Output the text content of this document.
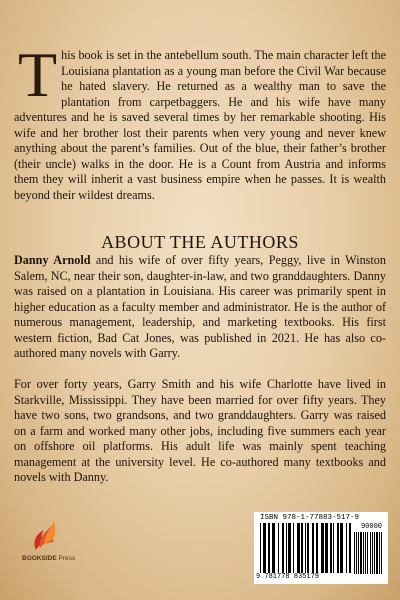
This book is set in the antebellum south. The main character left the Louisiana plantation as a young man before the Civil War because he hated slavery. He returned as a wealthy man to save the plantation from carpetbaggers. He and his wife have many adventures and he is saved several times by her remarkable shooting. His wife and her brother lost their parents when very young and never knew anything about the parent’s families. Out of the blue, their father’s brother (their uncle) walks in the door. He is a Count from Austria and informs them they will inherit a vast business empire when he passes. It is wealth beyond their wildest dreams.
ABOUT THE AUTHORS
Danny Arnold and his wife of over fifty years, Peggy, live in Winston Salem, NC, near their son, daughter-in-law, and two granddaughters. Danny was raised on a plantation in Louisiana. His career was primarily spent in higher education as a faculty member and administrator. He is the author of numerous management, leadership, and marketing textbooks. His first western fiction, Bad Cat Jones, was published in 2021. He has also co-authored many novels with Garry.
For over forty years, Garry Smith and his wife Charlotte have lived in Starkville, Mississippi. They have been married for over fifty years. They have two sons, two grandsons, and two granddaughters. Garry was raised on a farm and worked many other jobs, including five summers each year on offshore oil platforms. His adult life was mainly spent teaching management at the university level. He co-authored many textbooks and novels with Danny.
BOOKSIDE Press
ISBN 978-1-77883-517-9
90000
9 781778 835179
